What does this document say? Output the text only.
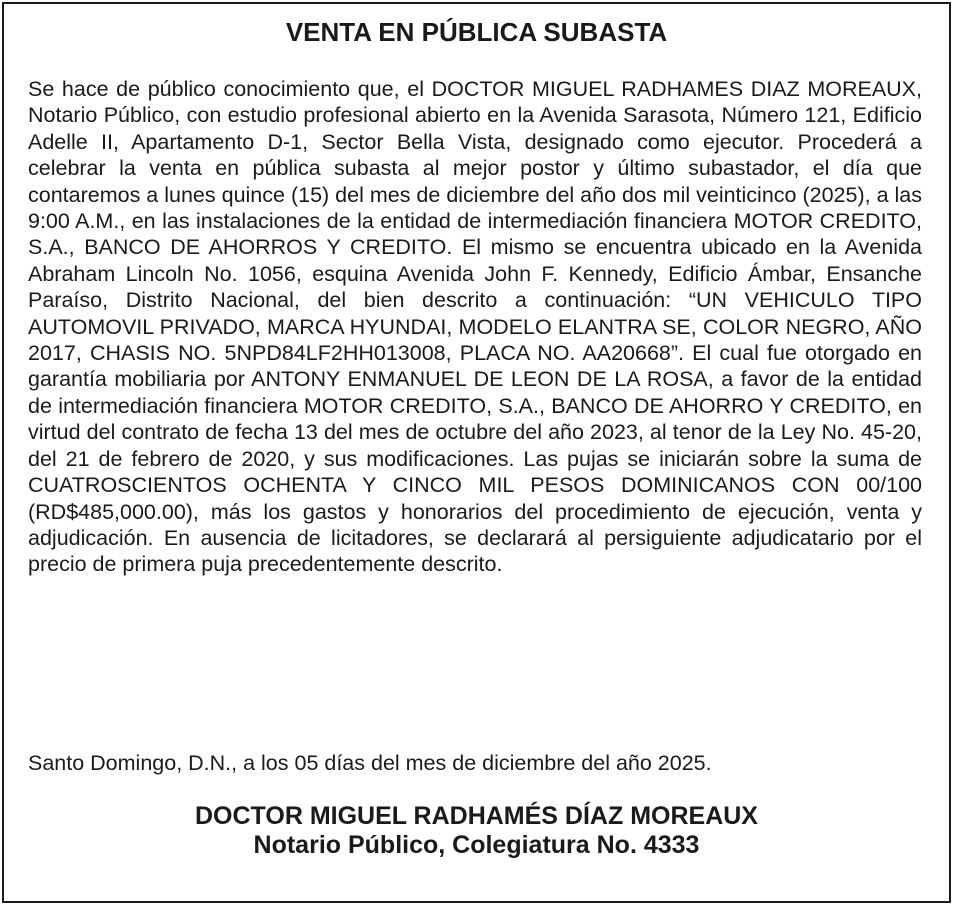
VENTA EN PÚBLICA SUBASTA

Se hace de público conocimiento que, el DOCTOR MIGUEL RADHAMES DIAZ MOREAUX, Notario Público, con estudio profesional abierto en la Avenida Sarasota, Número 121, Edificio Adelle II, Apartamento D-1, Sector Bella Vista, designado como ejecutor. Procederá a celebrar la venta en pública subasta al mejor postor y último subastador, el día que contaremos a lunes quince (15) del mes de diciembre del año dos mil veinticinco (2025), a las 9:00 A.M., en las instalaciones de la entidad de intermediación financiera MOTOR CREDITO, S.A., BANCO DE AHORROS Y CREDITO. El mismo se encuentra ubicado en la Avenida Abraham Lincoln No. 1056, esquina Avenida John F. Kennedy, Edificio Ámbar, Ensanche Paraíso, Distrito Nacional, del bien descrito a continuación: “UN VEHICULO TIPO AUTOMOVIL PRIVADO, MARCA HYUNDAI, MODELO ELANTRA SE, COLOR NEGRO, AÑO 2017, CHASIS NO. 5NPD84LF2HH013008, PLACA NO. AA20668”. El cual fue otorgado en garantía mobiliaria por ANTONY ENMANUEL DE LEON DE LA ROSA, a favor de la entidad de intermediación financiera MOTOR CREDITO, S.A., BANCO DE AHORRO Y CREDITO, en virtud del contrato de fecha 13 del mes de octubre del año 2023, al tenor de la Ley No. 45-20, del 21 de febrero de 2020, y sus modificaciones. Las pujas se iniciarán sobre la suma de CUATROSCIENTOS OCHENTA Y CINCO MIL PESOS DOMINICANOS CON 00/100 (RD$485,000.00), más los gastos y honorarios del procedimiento de ejecución, venta y adjudicación. En ausencia de licitadores, se declarará al persiguiente adjudicatario por el precio de primera puja precedentemente descrito.

Santo Domingo, D.N., a los 05 días del mes de diciembre del año 2025.

DOCTOR MIGUEL RADHAMÉS DÍAZ MOREAUX
Notario Público, Colegiatura No. 4333
